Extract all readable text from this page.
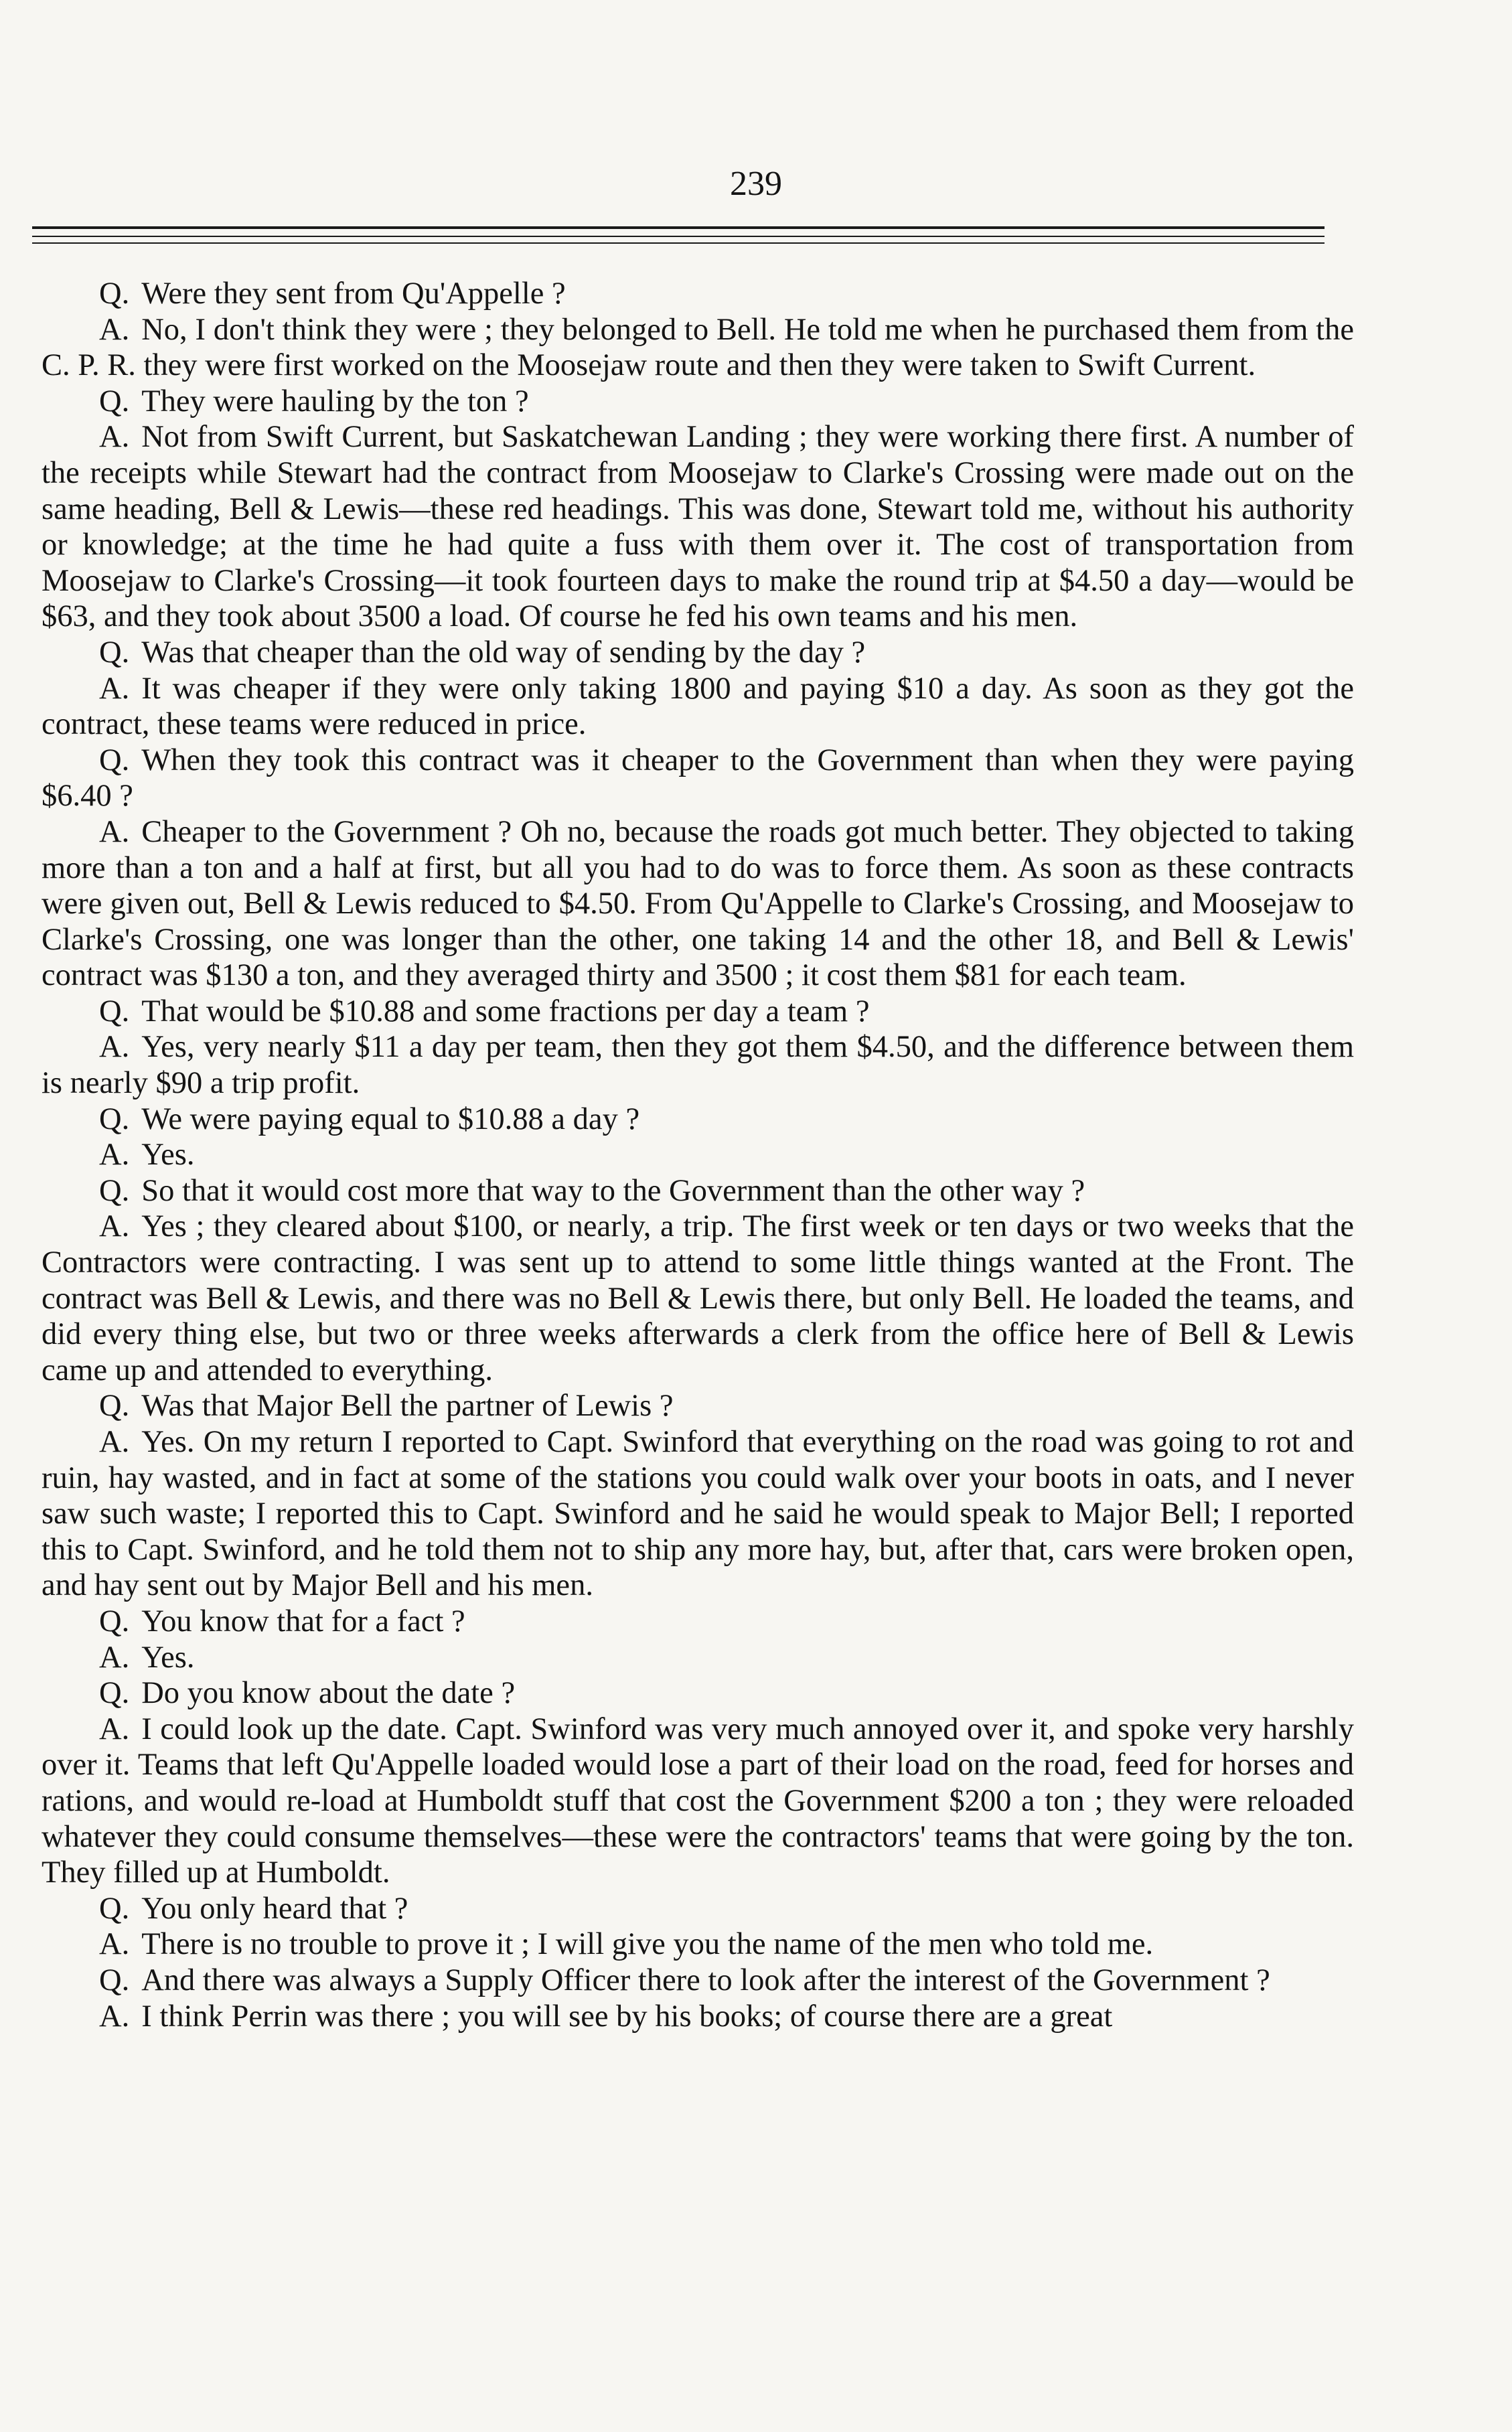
239

Q. Were they sent from Qu'Appelle ?

A. No, I don't think they were ; they belonged to Bell. He told me when he purchased them from the C. P. R. they were first worked on the Moosejaw route and then they were taken to Swift Current.

Q. They were hauling by the ton ?

A. Not from Swift Current, but Saskatchewan Landing ; they were working there first. A number of the receipts while Stewart had the contract from Moosejaw to Clarke's Crossing were made out on the same heading, Bell & Lewis—these red headings. This was done, Stewart told me, without his authority or knowledge; at the time he had quite a fuss with them over it. The cost of transportation from Moosejaw to Clarke's Crossing—it took fourteen days to make the round trip at $4.50 a day—would be $63, and they took about 3500 a load. Of course he fed his own teams and his men.

Q. Was that cheaper than the old way of sending by the day ?

A. It was cheaper if they were only taking 1800 and paying $10 a day. As soon as they got the contract, these teams were reduced in price.

Q. When they took this contract was it cheaper to the Government than when they were paying $6.40 ?

A. Cheaper to the Government ? Oh no, because the roads got much better. They objected to taking more than a ton and a half at first, but all you had to do was to force them. As soon as these contracts were given out, Bell & Lewis reduced to $4.50. From Qu'Appelle to Clarke's Crossing, and Moosejaw to Clarke's Crossing, one was longer than the other, one taking 14 and the other 18, and Bell & Lewis' contract was $130 a ton, and they averaged thirty and 3500 ; it cost them $81 for each team.

Q. That would be $10.88 and some fractions per day a team ?

A. Yes, very nearly $11 a day per team, then they got them $4.50, and the difference between them is nearly $90 a trip profit.

Q. We were paying equal to $10.88 a day ?

A. Yes.

Q. So that it would cost more that way to the Government than the other way ?

A. Yes ; they cleared about $100, or nearly, a trip. The first week or ten days or two weeks that the Contractors were contracting. I was sent up to attend to some little things wanted at the Front. The contract was Bell & Lewis, and there was no Bell & Lewis there, but only Bell. He loaded the teams, and did every thing else, but two or three weeks afterwards a clerk from the office here of Bell & Lewis came up and attended to everything.

Q. Was that Major Bell the partner of Lewis ?

A. Yes. On my return I reported to Capt. Swinford that everything on the road was going to rot and ruin, hay wasted, and in fact at some of the stations you could walk over your boots in oats, and I never saw such waste; I reported this to Capt. Swinford and he said he would speak to Major Bell; I reported this to Capt. Swinford, and he told them not to ship any more hay, but, after that, cars were broken open, and hay sent out by Major Bell and his men.

Q. You know that for a fact ?

A. Yes.

Q. Do you know about the date ?

A. I could look up the date. Capt. Swinford was very much annoyed over it, and spoke very harshly over it. Teams that left Qu'Appelle loaded would lose a part of their load on the road, feed for horses and rations, and would re-load at Humboldt stuff that cost the Government $200 a ton ; they were reloaded whatever they could consume themselves—these were the contractors' teams that were going by the ton. They filled up at Humboldt.

Q. You only heard that ?

A. There is no trouble to prove it ; I will give you the name of the men who told me.

Q. And there was always a Supply Officer there to look after the interest of the Government ?

A. I think Perrin was there ; you will see by his books; of course there are a great
